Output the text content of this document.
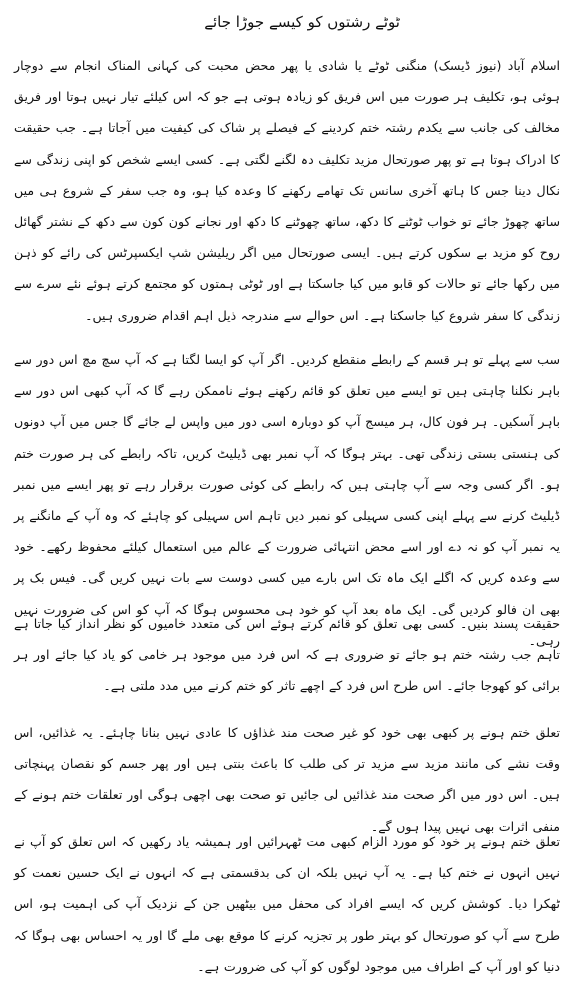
ٹوٹے رشتوں کو کیسے جوڑا جائے

اسلام آباد (نیوز ڈیسک) منگنی ٹوٹے یا شادی یا پھر محض محبت کی کہانی المناک انجام سے دوچار ہوئی ہو، تکلیف ہر صورت میں اس فریق کو زیادہ ہوتی ہے جو کہ اس کیلئے تیار نہیں ہوتا اور فریق مخالف کی جانب سے یکدم رشتہ ختم کردینے کے فیصلے پر شاک کی کیفیت میں آجاتا ہے۔ جب حقیقت کا ادراک ہوتا ہے تو پھر صورتحال مزید تکلیف دہ لگنے لگتی ہے۔ کسی ایسے شخص کو اپنی زندگی سے نکال دینا جس کا ہاتھ آخری سانس تک تھامے رکھنے کا وعدہ کیا ہو، وہ جب سفر کے شروع ہی میں ساتھ چھوڑ جائے تو خواب ٹوٹنے کا دکھ، ساتھ چھوٹنے کا دکھ اور نجانے کون کون سے دکھ کے نشتر گھائل روح کو مزید بے سکوں کرتے ہیں۔ ایسی صورتحال میں اگر ریلیشن شپ ایکسپرٹس کی رائے کو ذہن میں رکھا جائے تو حالات کو قابو میں کیا جاسکتا ہے اور ٹوٹی ہمتوں کو مجتمع کرتے ہوئے نئے سرے سے زندگی کا سفر شروع کیا جاسکتا ہے۔ اس حوالے سے مندرجہ ذیل اہم اقدام ضروری ہیں۔

سب سے پہلے تو ہر قسم کے رابطے منقطع کردیں۔ اگر آپ کو ایسا لگتا ہے کہ آپ سچ مچ اس دور سے باہر نکلنا چاہتی ہیں تو ایسے میں تعلق کو قائم رکھنے ہوئے ناممکن رہے گا کہ آپ کبھی اس دور سے باہر آسکیں۔ ہر فون کال، ہر میسج آپ کو دوبارہ اسی دور میں واپس لے جائے گا جس میں آپ دونوں کی ہنستی بستی زندگی تھی۔ بہتر ہوگا کہ آپ نمبر بھی ڈیلیٹ کریں، تاکہ رابطے کی ہر صورت ختم ہو۔ اگر کسی وجہ سے آپ چاہتی ہیں کہ رابطے کی کوئی صورت برقرار رہے تو پھر ایسے میں نمبر ڈیلیٹ کرنے سے پہلے اپنی کسی سہیلی کو نمبر دیں تاہم اس سہیلی کو چاہئے کہ وہ آپ کے مانگنے پر یہ نمبر آپ کو نہ دے اور اسے محض انتہائی ضرورت کے عالم میں استعمال کیلئے محفوظ رکھے۔ خود سے وعدہ کریں کہ اگلے ایک ماہ تک اس بارے میں کسی دوست سے بات نہیں کریں گی۔ فیس بک پر بھی ان فالو کردیں گی۔ ایک ماہ بعد آپ کو خود ہی محسوس ہوگا کہ آپ کو اس کی ضرورت نہیں رہی۔

حقیقت پسند بنیں۔ کسی بھی تعلق کو قائم کرتے ہوئے اس کی متعدد خامیوں کو نظر انداز کیا جاتا ہے تاہم جب رشتہ ختم ہو جائے تو ضروری ہے کہ اس فرد میں موجود ہر خامی کو یاد کیا جائے اور ہر برائی کو کھوجا جائے۔ اس طرح اس فرد کے اچھے تاثر کو ختم کرنے میں مدد ملتی ہے۔

تعلق ختم ہونے پر کبھی بھی خود کو غیر صحت مند غذاؤں کا عادی نہیں بنانا چاہئے۔ یہ غذائیں، اس وقت نشے کی مانند مزید سے مزید تر کی طلب کا باعث بنتی ہیں اور پھر جسم کو نقصان پہنچاتی ہیں۔ اس دور میں اگر صحت مند غذائیں لی جائیں تو صحت بھی اچھی ہوگی اور تعلقات ختم ہونے کے منفی اثرات بھی نہیں پیدا ہوں گے۔

تعلق ختم ہونے پر خود کو مورد الزام کبھی مت ٹھہرائیں اور ہمیشہ یاد رکھیں کہ اس تعلق کو آپ نے نہیں انہوں نے ختم کیا ہے۔ یہ آپ نہیں بلکہ ان کی بدقسمتی ہے کہ انہوں نے ایک حسین نعمت کو ٹھکرا دیا۔ کوشش کریں کہ ایسے افراد کی محفل میں بیٹھیں جن کے نزدیک آپ کی اہمیت ہو، اس طرح سے آپ کو صورتحال کو بہتر طور پر تجزیہ کرنے کا موقع بھی ملے گا اور یہ احساس بھی ہوگا کہ دنیا کو اور آپ کے اطراف میں موجود لوگوں کو آپ کی ضرورت ہے۔
